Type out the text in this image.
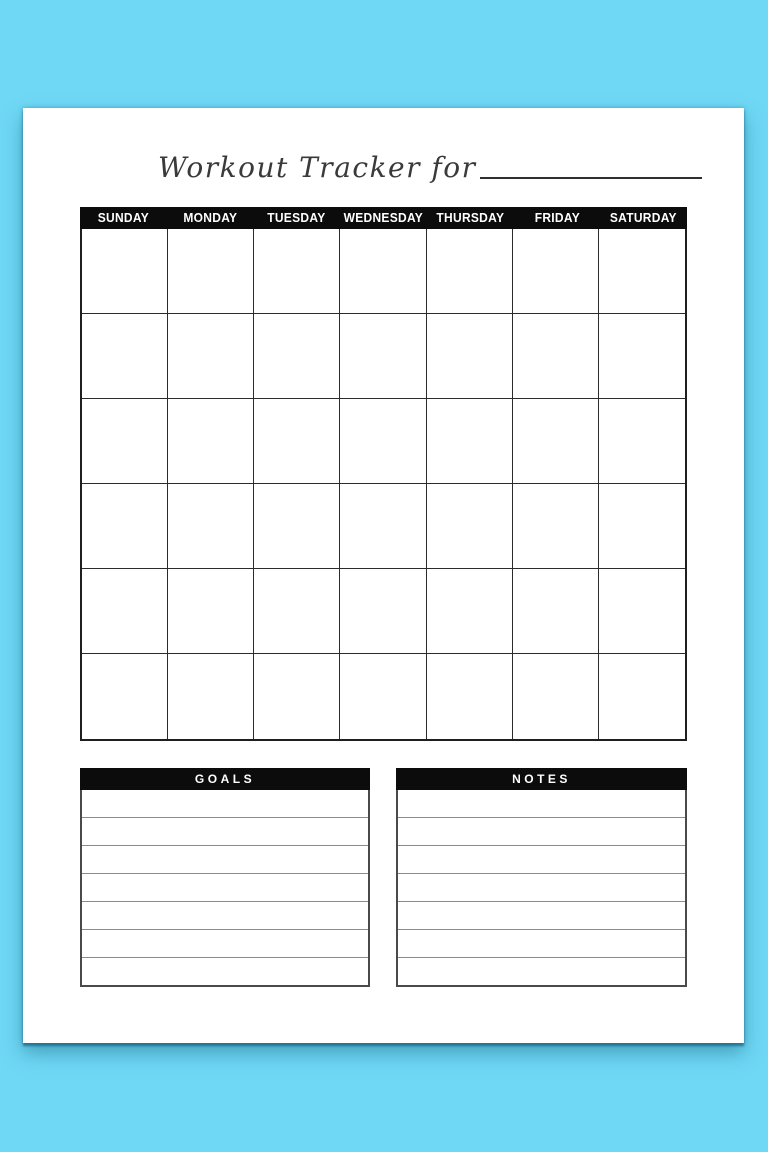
Workout Tracker for
SUNDAY	MONDAY	TUESDAY	WEDNESDAY	THURSDAY	FRIDAY	SATURDAY
GOALS	NOTES
